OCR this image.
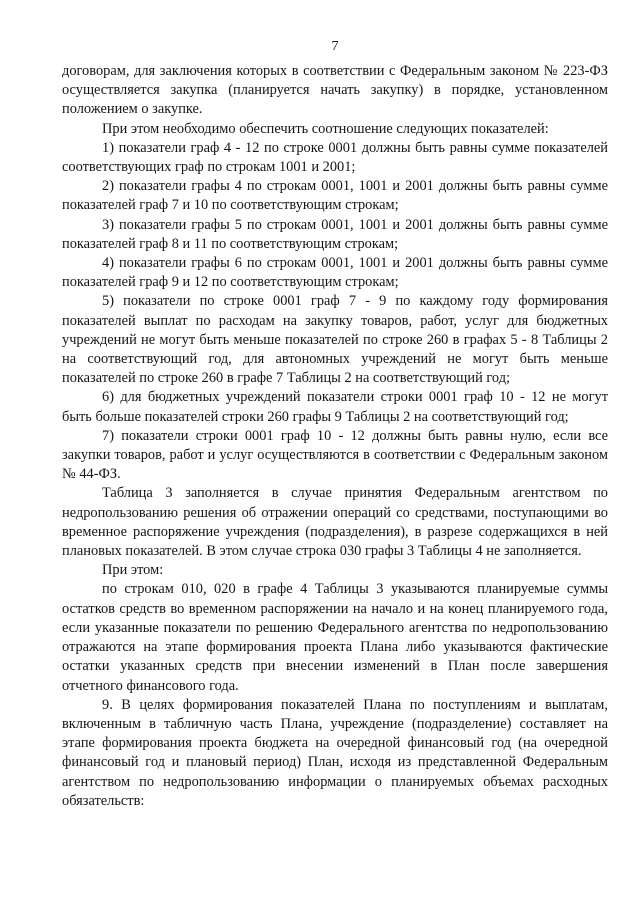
7

договорам, для заключения которых в соответствии с Федеральным законом № 223-ФЗ осуществляется закупка (планируется начать закупку) в порядке, установленном положением о закупке.

При этом необходимо обеспечить соотношение следующих показателей:

1) показатели граф 4 - 12 по строке 0001 должны быть равны сумме показателей соответствующих граф по строкам 1001 и 2001;

2) показатели графы 4 по строкам 0001, 1001 и 2001 должны быть равны сумме показателей граф 7 и 10 по соответствующим строкам;

3) показатели графы 5 по строкам 0001, 1001 и 2001 должны быть равны сумме показателей граф 8 и 11 по соответствующим строкам;

4) показатели графы 6 по строкам 0001, 1001 и 2001 должны быть равны сумме показателей граф 9 и 12 по соответствующим строкам;

5) показатели по строке 0001 граф 7 - 9 по каждому году формирования показателей выплат по расходам на закупку товаров, работ, услуг для бюджетных учреждений не могут быть меньше показателей по строке 260 в графах 5 - 8 Таблицы 2 на соответствующий год, для автономных учреждений не могут быть меньше показателей по строке 260 в графе 7 Таблицы 2 на соответствующий год;

6) для бюджетных учреждений показатели строки 0001 граф 10 - 12 не могут быть больше показателей строки 260 графы 9 Таблицы 2 на соответствующий год;

7) показатели строки 0001 граф 10 - 12 должны быть равны нулю, если все закупки товаров, работ и услуг осуществляются в соответствии с Федеральным законом № 44-ФЗ.

Таблица 3 заполняется в случае принятия Федеральным агентством по недропользованию решения об отражении операций со средствами, поступающими во временное распоряжение учреждения (подразделения), в разрезе содержащихся в ней плановых показателей. В этом случае строка 030 графы 3 Таблицы 4 не заполняется.

При этом:

по строкам 010, 020 в графе 4 Таблицы 3 указываются планируемые суммы остатков средств во временном распоряжении на начало и на конец планируемого года, если указанные показатели по решению Федерального агентства по недропользованию отражаются на этапе формирования проекта Плана либо указываются фактические остатки указанных средств при внесении изменений в План после завершения отчетного финансового года.

9. В целях формирования показателей Плана по поступлениям и выплатам, включенным в табличную часть Плана, учреждение (подразделение) составляет на этапе формирования проекта бюджета на очередной финансовый год (на очередной финансовый год и плановый период) План, исходя из представленной Федеральным агентством по недропользованию информации о планируемых объемах расходных обязательств:
